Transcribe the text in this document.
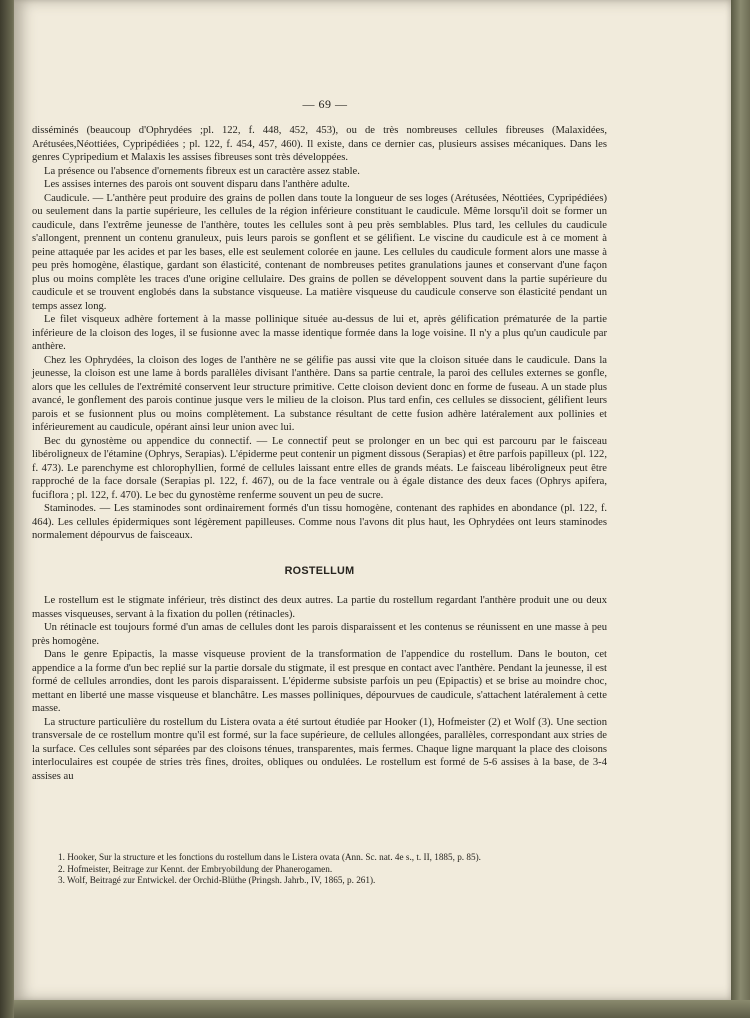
— 69 —

disséminés (beaucoup d'Ophrydées ;pl. 122, f. 448, 452, 453), ou de très nombreuses cellules fibreuses (Malaxidées, Arétusées,Néottiées, Cypripédiées ; pl. 122, f. 454, 457, 460). Il existe, dans ce dernier cas, plusieurs assises mécaniques. Dans les genres Cypripedium et Malaxis les assises fibreuses sont très développées.

La présence ou l'absence d'ornements fibreux est un caractère assez stable.

Les assises internes des parois ont souvent disparu dans l'anthère adulte.

Caudicule. — L'anthère peut produire des grains de pollen dans toute la longueur de ses loges (Arétusées, Néottiées, Cypripédiées) ou seulement dans la partie supérieure, les cellules de la région inférieure constituant le caudicule. Même lorsqu'il doit se former un caudicule, dans l'extrême jeunesse de l'anthère, toutes les cellules sont à peu près semblables. Plus tard, les cellules du caudicule s'allongent, prennent un contenu granuleux, puis leurs parois se gonflent et se gélifient. Le viscine du caudicule est à ce moment à peine attaquée par les acides et par les bases, elle est seulement colorée en jaune. Les cellules du caudicule forment alors une masse à peu près homogène, élastique, gardant son élasticité, contenant de nombreuses petites granulations jaunes et conservant d'une façon plus ou moins complète les traces d'une origine cellulaire. Des grains de pollen se développent souvent dans la partie supérieure du caudicule et se trouvent englobés dans la substance visqueuse. La matière visqueuse du caudicule conserve son élasticité pendant un temps assez long.

Le filet visqueux adhère fortement à la masse pollinique située au-dessus de lui et, après gélification prématurée de la partie inférieure de la cloison des loges, il se fusionne avec la masse identique formée dans la loge voisine. Il n'y a plus qu'un caudicule par anthère.

Chez les Ophrydées, la cloison des loges de l'anthère ne se gélifie pas aussi vite que la cloison située dans le caudicule. Dans la jeunesse, la cloison est une lame à bords parallèles divisant l'anthère. Dans sa partie centrale, la paroi des cellules externes se gonfle, alors que les cellules de l'extrémité conservent leur structure primitive. Cette cloison devient donc en forme de fuseau. A un stade plus avancé, le gonflement des parois continue jusque vers le milieu de la cloison. Plus tard enfin, ces cellules se dissocient, gélifient leurs parois et se fusionnent plus ou moins complètement. La substance résultant de cette fusion adhère latéralement aux pollinies et inférieurement au caudicule, opérant ainsi leur union avec lui.

Bec du gynostème ou appendice du connectif. — Le connectif peut se prolonger en un bec qui est parcouru par le faisceau libéroligneux de l'étamine (Ophrys, Serapias). L'épiderme peut contenir un pigment dissous (Serapias) et être parfois papilleux (pl. 122, f. 473). Le parenchyme est chlorophyllien, formé de cellules laissant entre elles de grands méats. Le faisceau libéroligneux peut être rapproché de la face dorsale (Serapias pl. 122, f. 467), ou de la face ventrale ou à égale distance des deux faces (Ophrys apifera, fuciflora ; pl. 122, f. 470). Le bec du gynostème renferme souvent un peu de sucre.

Staminodes. — Les staminodes sont ordinairement formés d'un tissu homogène, contenant des raphides en abondance (pl. 122, f. 464). Les cellules épidermiques sont légèrement papilleuses. Comme nous l'avons dit plus haut, les Ophrydées ont leurs staminodes normalement dépourvus de faisceaux.

ROSTELLUM

Le rostellum est le stigmate inférieur, très distinct des deux autres. La partie du rostellum regardant l'anthère produit une ou deux masses visqueuses, servant à la fixation du pollen (rétinacles).

Un rétinacle est toujours formé d'un amas de cellules dont les parois disparaissent et les contenus se réunissent en une masse à peu près homogène.

Dans le genre Epipactis, la masse visqueuse provient de la transformation de l'appendice du rostellum. Dans le bouton, cet appendice a la forme d'un bec replié sur la partie dorsale du stigmate, il est presque en contact avec l'anthère. Pendant la jeunesse, il est formé de cellules arrondies, dont les parois disparaissent. L'épiderme subsiste parfois un peu (Epipactis) et se brise au moindre choc, mettant en liberté une masse visqueuse et blanchâtre. Les masses polliniques, dépourvues de caudicule, s'attachent latéralement à cette masse.

La structure particulière du rostellum du Listera ovata a été surtout étudiée par Hooker (1), Hofmeister (2) et Wolf (3). Une section transversale de ce rostellum montre qu'il est formé, sur la face supérieure, de cellules allongées, parallèles, correspondant aux stries de la surface. Ces cellules sont séparées par des cloisons ténues, transparentes, mais fermes. Chaque ligne marquant la place des cloisons interloculaires est coupée de stries très fines, droites, obliques ou ondulées. Le rostellum est formé de 5-6 assises à la base, de 3-4 assises au

1. Hooker, Sur la structure et les fonctions du rostellum dans le Listera ovata (Ann. Sc. nat. 4e s., t. II, 1885, p. 85).

2. Hofmeister, Beitrage zur Kennt. der Embryobildung der Phanerogamen.

3. Wolf, Beitragé zur Entwickel. der Orchid-Blüthe (Pringsh. Jahrb., IV, 1865, p. 261).
